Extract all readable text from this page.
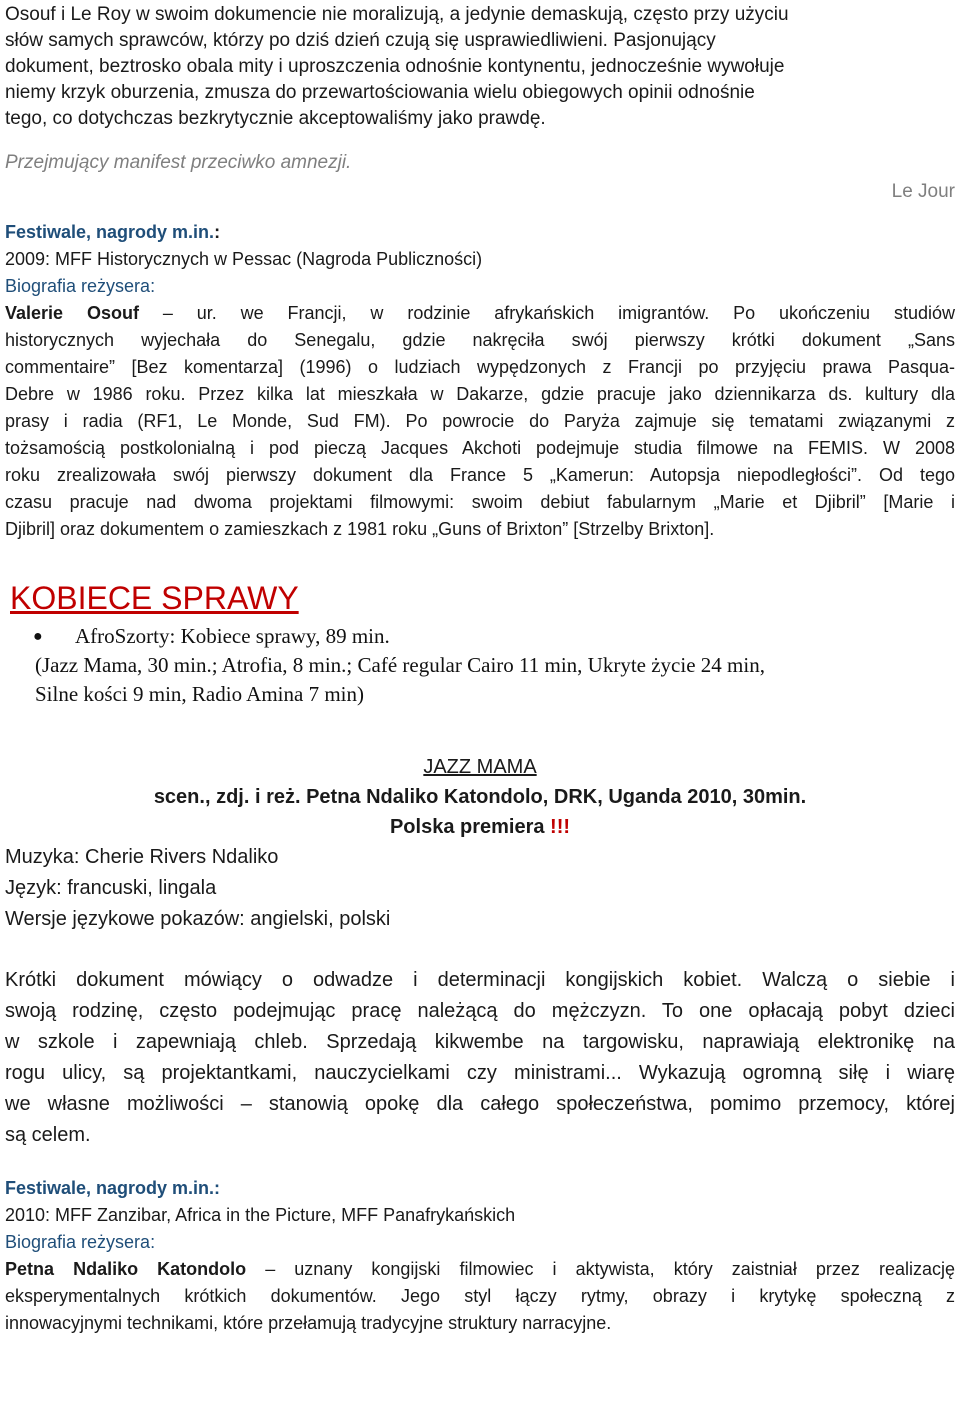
Osouf i Le Roy w swoim dokumencie nie moralizują, a jedynie demaskują, często przy użyciu

słów samych sprawców, którzy po dziś dzień czują się usprawiedliwieni. Pasjonujący

dokument, beztrosko obala mity i uproszczenia odnośnie kontynentu, jednocześnie wywołuje

niemy krzyk oburzenia, zmusza do przewartościowania wielu obiegowych opinii odnośnie

tego, co dotychczas bezkrytycznie akceptowaliśmy jako prawdę.

Przejmujący manifest przeciwko amnezji.

Le Jour

Festiwale, nagrody m.in.:

2009: MFF Historycznych w Pessac (Nagroda Publiczności)

Biografia reżysera:

Valerie Osouf – ur. we Francji, w rodzinie afrykańskich imigrantów. Po ukończeniu studiów

historycznych wyjechała do Senegalu, gdzie nakręciła swój pierwszy krótki dokument „Sans

commentaire” [Bez komentarza] (1996) o ludziach wypędzonych z Francji po przyjęciu prawa Pasqua-

Debre w 1986 roku. Przez kilka lat mieszkała w Dakarze, gdzie pracuje jako dziennikarza ds. kultury dla

prasy i radia (RF1, Le Monde, Sud FM). Po powrocie do Paryża zajmuje się tematami związanymi z

tożsamością postkolonialną i pod pieczą Jacques Akchoti podejmuje studia filmowe na FEMIS. W 2008

roku zrealizowała swój pierwszy dokument dla France 5 „Kamerun: Autopsja niepodległości”. Od tego

czasu pracuje nad dwoma projektami filmowymi: swoim debiut fabularnym „Marie et Djibril” [Marie i

Djibril] oraz dokumentem o zamieszkach z 1981 roku „Guns of Brixton” [Strzelby Brixton].

KOBIECE SPRAWY

●	AfroSzorty: Kobiece sprawy, 89 min.

(Jazz Mama, 30 min.; Atrofia, 8 min.; Café regular Cairo 11 min, Ukryte życie 24 min,

Silne kości 9 min, Radio Amina 7 min)

JAZZ MAMA

scen., zdj. i reż. Petna Ndaliko Katondolo, DRK, Uganda 2010, 30min.

Polska premiera !!!

Muzyka: Cherie Rivers Ndaliko

Język: francuski, lingala

Wersje językowe pokazów: angielski, polski

Krótki dokument mówiący o odwadze i determinacji kongijskich kobiet. Walczą o siebie i

swoją rodzinę, często podejmując pracę należącą do mężczyzn. To one opłacają pobyt dzieci

w szkole i zapewniają chleb. Sprzedają kikwembe na targowisku, naprawiają elektronikę na

rogu ulicy, są projektantkami, nauczycielkami czy ministrami... Wykazują ogromną siłę i wiarę

we własne możliwości – stanowią opokę dla całego społeczeństwa, pomimo przemocy, której

są celem.

Festiwale, nagrody m.in.:

2010: MFF Zanzibar, Africa in the Picture, MFF Panafrykańskich

Biografia reżysera:

Petna Ndaliko Katondolo – uznany kongijski filmowiec i aktywista, który zaistniał przez realizację

eksperymentalnych krótkich dokumentów. Jego styl łączy rytmy, obrazy i krytykę społeczną z

innowacyjnymi technikami, które przełamują tradycyjne struktury narracyjne.
